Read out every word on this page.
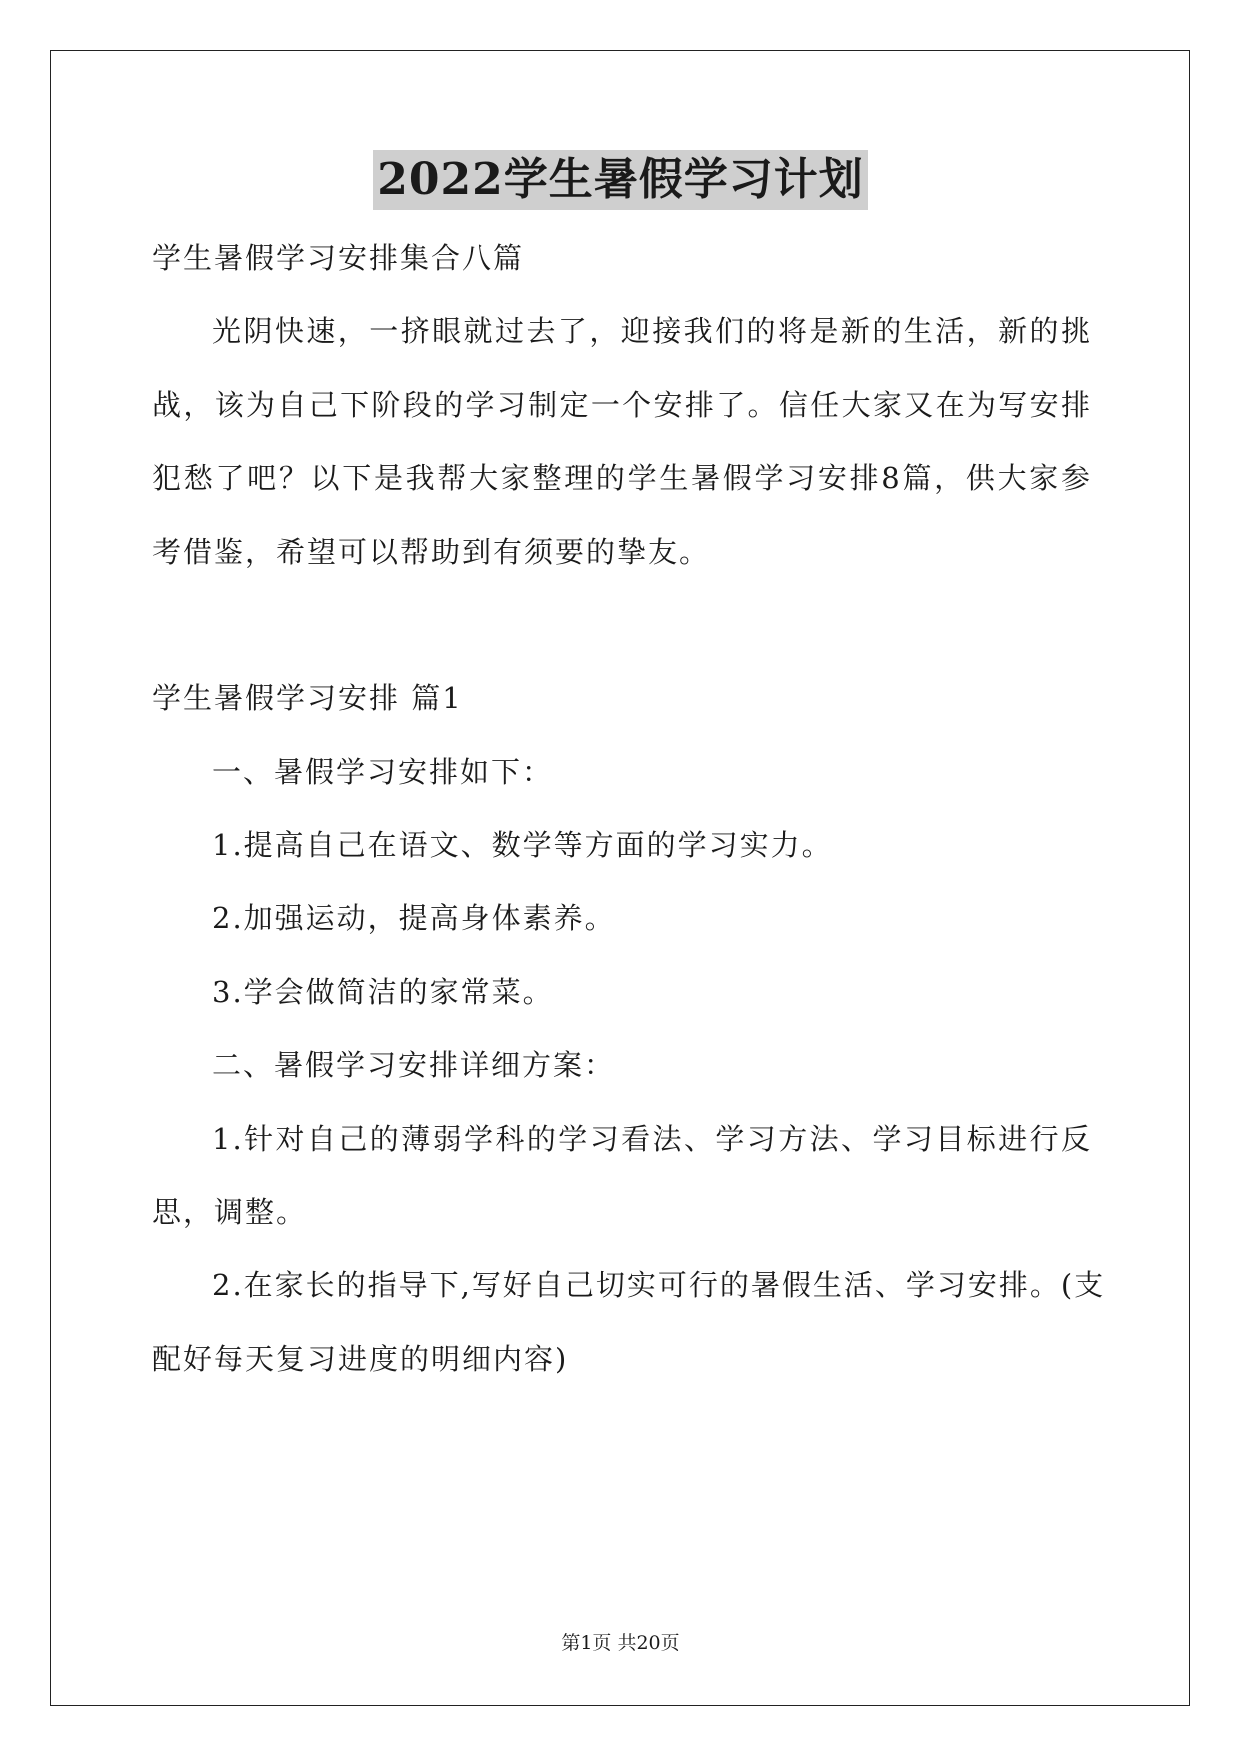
2022学生暑假学习计划
学生暑假学习安排集合八篇
光阴快速，一挤眼就过去了，迎接我们的将是新的生活，新的挑
战，该为自己下阶段的学习制定一个安排了。信任大家又在为写安排
犯愁了吧？以下是我帮大家整理的学生暑假学习安排8篇，供大家参
考借鉴，希望可以帮助到有须要的挚友。
学生暑假学习安排 篇1
一、暑假学习安排如下：
1.提高自己在语文、数学等方面的学习实力。
2.加强运动，提高身体素养。
3.学会做简洁的家常菜。
二、暑假学习安排详细方案：
1.针对自己的薄弱学科的学习看法、学习方法、学习目标进行反
思，调整。
2.在家长的指导下,写好自己切实可行的暑假生活、学习安排。(支
配好每天复习进度的明细内容)
第1页 共20页
